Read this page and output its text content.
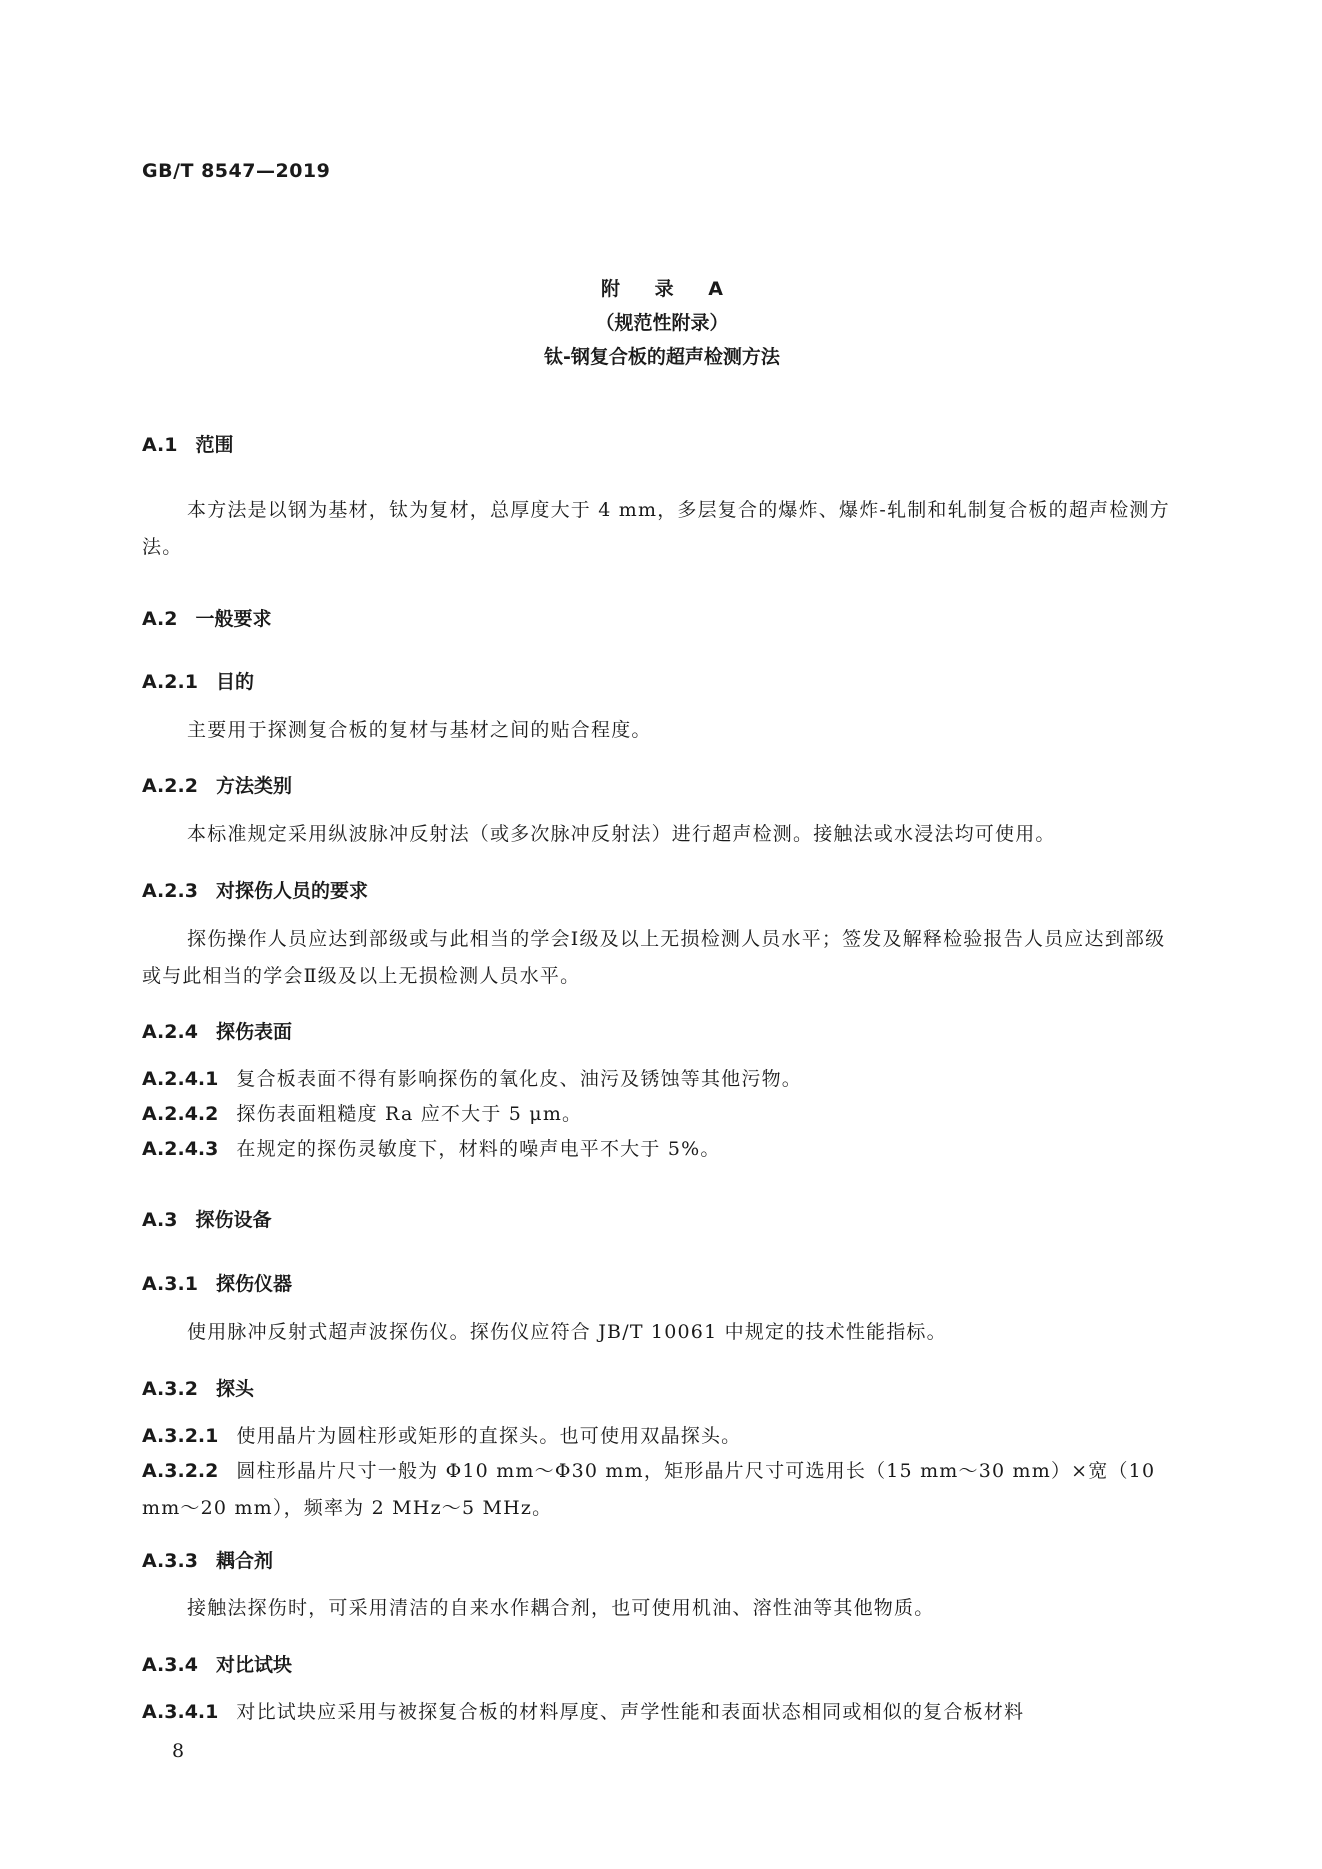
GB/T 8547—2019
附 录 A
（规范性附录）
钛-钢复合板的超声检测方法
A.1 范围
本方法是以钢为基材，钛为复材，总厚度大于 4 mm，多层复合的爆炸、爆炸-轧制和轧制复合板的超声检测方法。
A.2 一般要求
A.2.1 目的
主要用于探测复合板的复材与基材之间的贴合程度。
A.2.2 方法类别
本标准规定采用纵波脉冲反射法（或多次脉冲反射法）进行超声检测。接触法或水浸法均可使用。
A.2.3 对探伤人员的要求
探伤操作人员应达到部级或与此相当的学会Ⅰ级及以上无损检测人员水平；签发及解释检验报告人员应达到部级或与此相当的学会Ⅱ级及以上无损检测人员水平。
A.2.4 探伤表面
A.2.4.1 复合板表面不得有影响探伤的氧化皮、油污及锈蚀等其他污物。
A.2.4.2 探伤表面粗糙度 Ra 应不大于 5 μm。
A.2.4.3 在规定的探伤灵敏度下，材料的噪声电平不大于 5%。
A.3 探伤设备
A.3.1 探伤仪器
使用脉冲反射式超声波探伤仪。探伤仪应符合 JB/T 10061 中规定的技术性能指标。
A.3.2 探头
A.3.2.1 使用晶片为圆柱形或矩形的直探头。也可使用双晶探头。
A.3.2.2 圆柱形晶片尺寸一般为 Φ10 mm～Φ30 mm，矩形晶片尺寸可选用长（15 mm～30 mm）×宽（10 mm～20 mm），频率为 2 MHz～5 MHz。
A.3.3 耦合剂
接触法探伤时，可采用清洁的自来水作耦合剂，也可使用机油、溶性油等其他物质。
A.3.4 对比试块
A.3.4.1 对比试块应采用与被探复合板的材料厚度、声学性能和表面状态相同或相似的复合板材料
8
